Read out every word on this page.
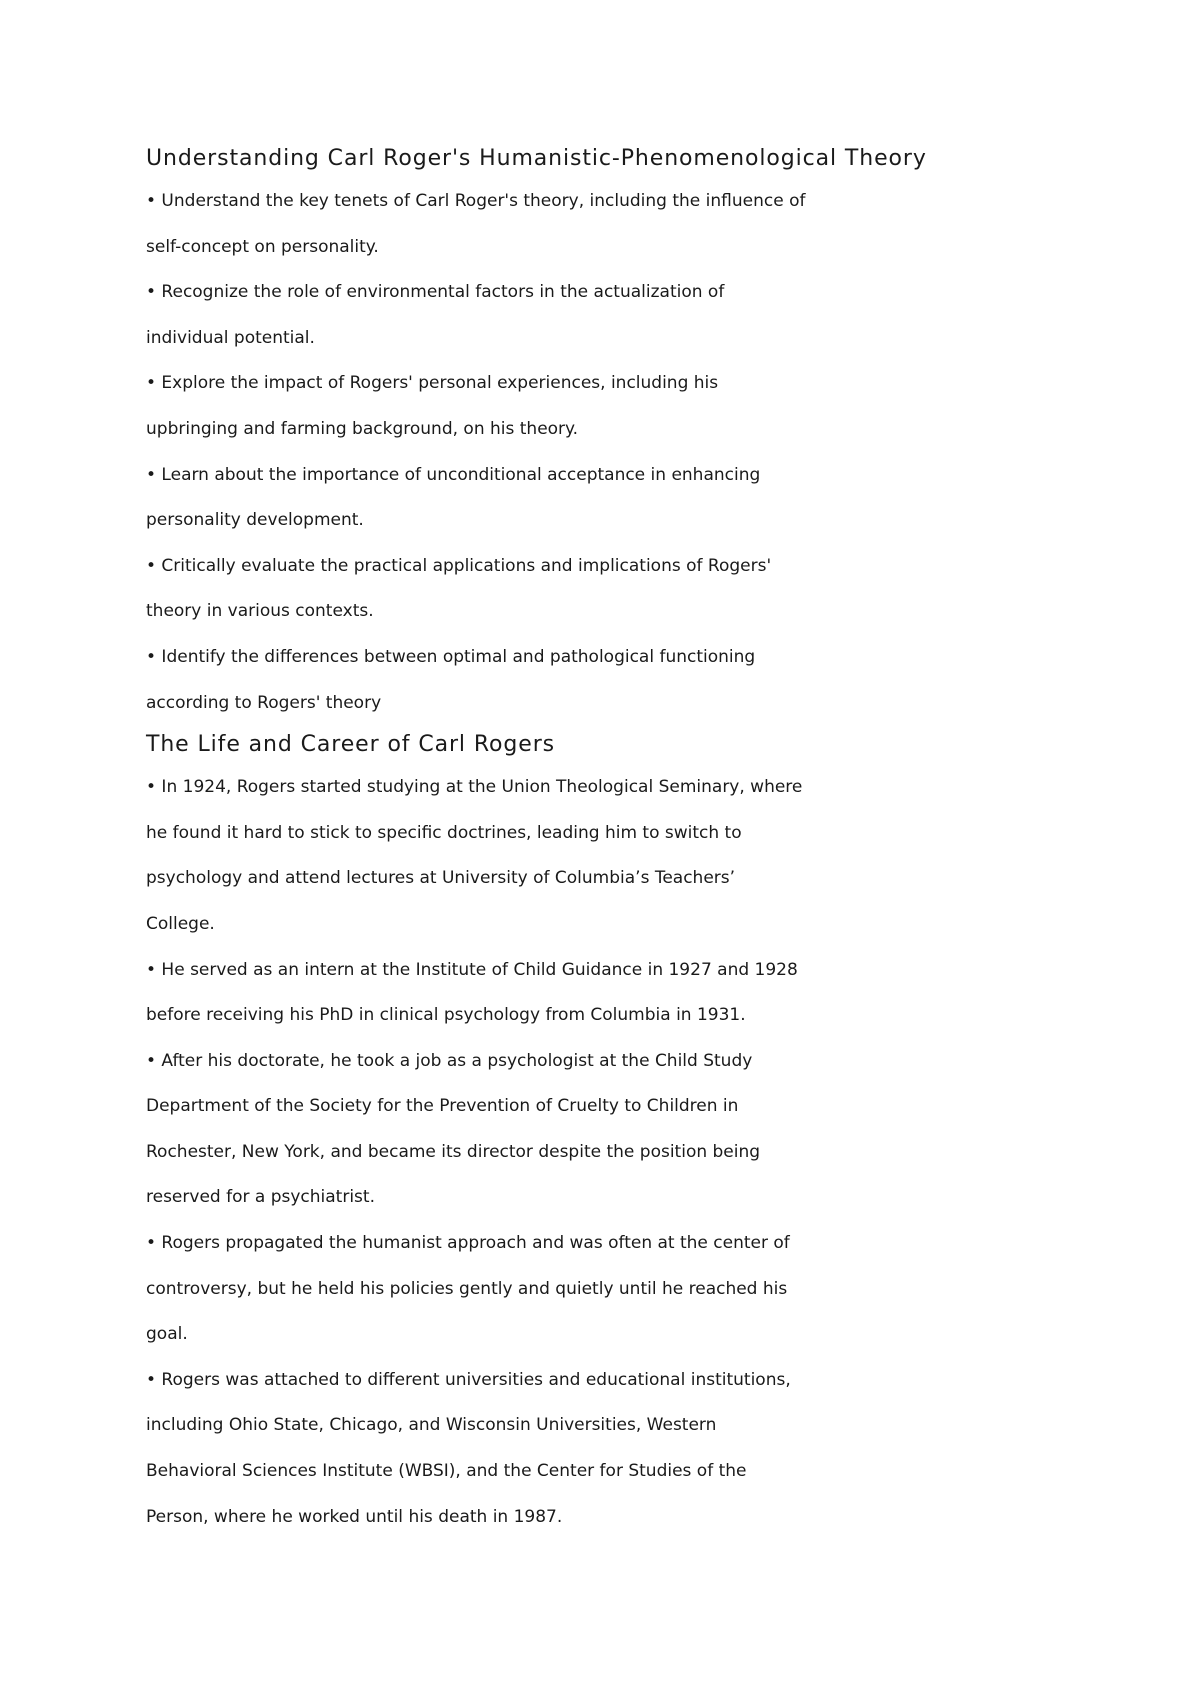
Understanding Carl Roger's Humanistic-Phenomenological Theory
• Understand the key tenets of Carl Roger's theory, including the influence of
self-concept on personality.
• Recognize the role of environmental factors in the actualization of
individual potential.
• Explore the impact of Rogers' personal experiences, including his
upbringing and farming background, on his theory.
• Learn about the importance of unconditional acceptance in enhancing
personality development.
• Critically evaluate the practical applications and implications of Rogers'
theory in various contexts.
• Identify the differences between optimal and pathological functioning
according to Rogers' theory
The Life and Career of Carl Rogers
• In 1924, Rogers started studying at the Union Theological Seminary, where
he found it hard to stick to specific doctrines, leading him to switch to
psychology and attend lectures at University of Columbia’s Teachers’
College.
• He served as an intern at the Institute of Child Guidance in 1927 and 1928
before receiving his PhD in clinical psychology from Columbia in 1931.
• After his doctorate, he took a job as a psychologist at the Child Study
Department of the Society for the Prevention of Cruelty to Children in
Rochester, New York, and became its director despite the position being
reserved for a psychiatrist.
• Rogers propagated the humanist approach and was often at the center of
controversy, but he held his policies gently and quietly until he reached his
goal.
• Rogers was attached to different universities and educational institutions,
including Ohio State, Chicago, and Wisconsin Universities, Western
Behavioral Sciences Institute (WBSI), and the Center for Studies of the
Person, where he worked until his death in 1987.
